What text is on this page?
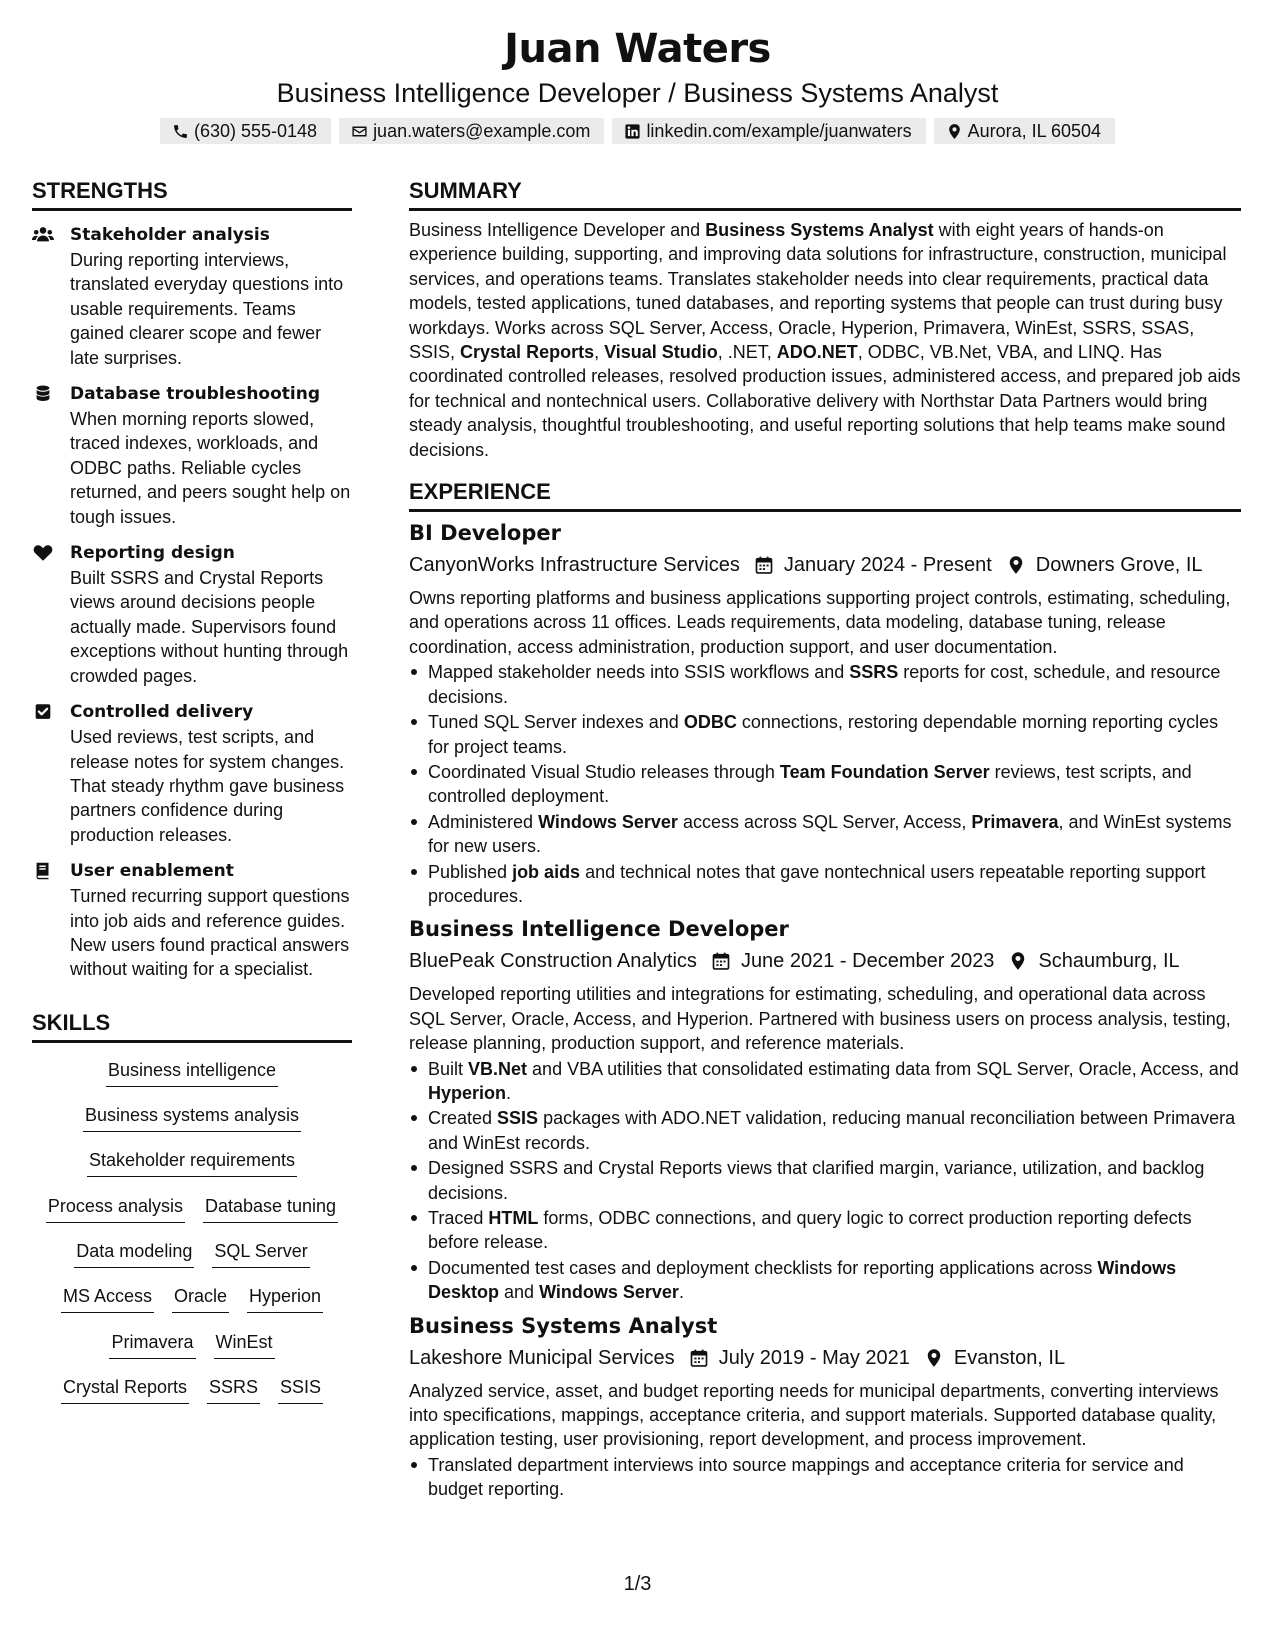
Juan Waters
Business Intelligence Developer / Business Systems Analyst
(630) 555-0148	juan.waters@example.com	linkedin.com/example/juanwaters	Aurora, IL 60504
STRENGTHS
Stakeholder analysis
During reporting interviews, translated everyday questions into usable requirements. Teams gained clearer scope and fewer late surprises.
Database troubleshooting
When morning reports slowed, traced indexes, workloads, and ODBC paths. Reliable cycles returned, and peers sought help on tough issues.
Reporting design
Built SSRS and Crystal Reports views around decisions people actually made. Supervisors found exceptions without hunting through crowded pages.
Controlled delivery
Used reviews, test scripts, and release notes for system changes. That steady rhythm gave business partners confidence during production releases.
User enablement
Turned recurring support questions into job aids and reference guides. New users found practical answers without waiting for a specialist.
SKILLS
Business intelligence
Business systems analysis
Stakeholder requirements
Process analysis Database tuning
Data modeling SQL Server
MS Access Oracle Hyperion
Primavera WinEst
Crystal Reports SSRS SSIS
SUMMARY
Business Intelligence Developer and Business Systems Analyst with eight years of hands-on experience building, supporting, and improving data solutions for infrastructure, construction, municipal services, and operations teams. Translates stakeholder needs into clear requirements, practical data models, tested applications, tuned databases, and reporting systems that people can trust during busy workdays. Works across SQL Server, Access, Oracle, Hyperion, Primavera, WinEst, SSRS, SSAS, SSIS, Crystal Reports, Visual Studio, .NET, ADO.NET, ODBC, VB.Net, VBA, and LINQ. Has coordinated controlled releases, resolved production issues, administered access, and prepared job aids for technical and nontechnical users. Collaborative delivery with Northstar Data Partners would bring steady analysis, thoughtful troubleshooting, and useful reporting solutions that help teams make sound decisions.
EXPERIENCE
BI Developer
CanyonWorks Infrastructure Services January 2024 - Present Downers Grove, IL
Owns reporting platforms and business applications supporting project controls, estimating, scheduling, and operations across 11 offices. Leads requirements, data modeling, database tuning, release coordination, access administration, production support, and user documentation.
Mapped stakeholder needs into SSIS workflows and SSRS reports for cost, schedule, and resource decisions.
Tuned SQL Server indexes and ODBC connections, restoring dependable morning reporting cycles for project teams.
Coordinated Visual Studio releases through Team Foundation Server reviews, test scripts, and controlled deployment.
Administered Windows Server access across SQL Server, Access, Primavera, and WinEst systems for new users.
Published job aids and technical notes that gave nontechnical users repeatable reporting support procedures.
Business Intelligence Developer
BluePeak Construction Analytics June 2021 - December 2023 Schaumburg, IL
Developed reporting utilities and integrations for estimating, scheduling, and operational data across SQL Server, Oracle, Access, and Hyperion. Partnered with business users on process analysis, testing, release planning, production support, and reference materials.
Built VB.Net and VBA utilities that consolidated estimating data from SQL Server, Oracle, Access, and Hyperion.
Created SSIS packages with ADO.NET validation, reducing manual reconciliation between Primavera and WinEst records.
Designed SSRS and Crystal Reports views that clarified margin, variance, utilization, and backlog decisions.
Traced HTML forms, ODBC connections, and query logic to correct production reporting defects before release.
Documented test cases and deployment checklists for reporting applications across Windows Desktop and Windows Server.
Business Systems Analyst
Lakeshore Municipal Services July 2019 - May 2021 Evanston, IL
Analyzed service, asset, and budget reporting needs for municipal departments, converting interviews into specifications, mappings, acceptance criteria, and support materials. Supported database quality, application testing, user provisioning, report development, and process improvement.
Translated department interviews into source mappings and acceptance criteria for service and budget reporting.
1/3
